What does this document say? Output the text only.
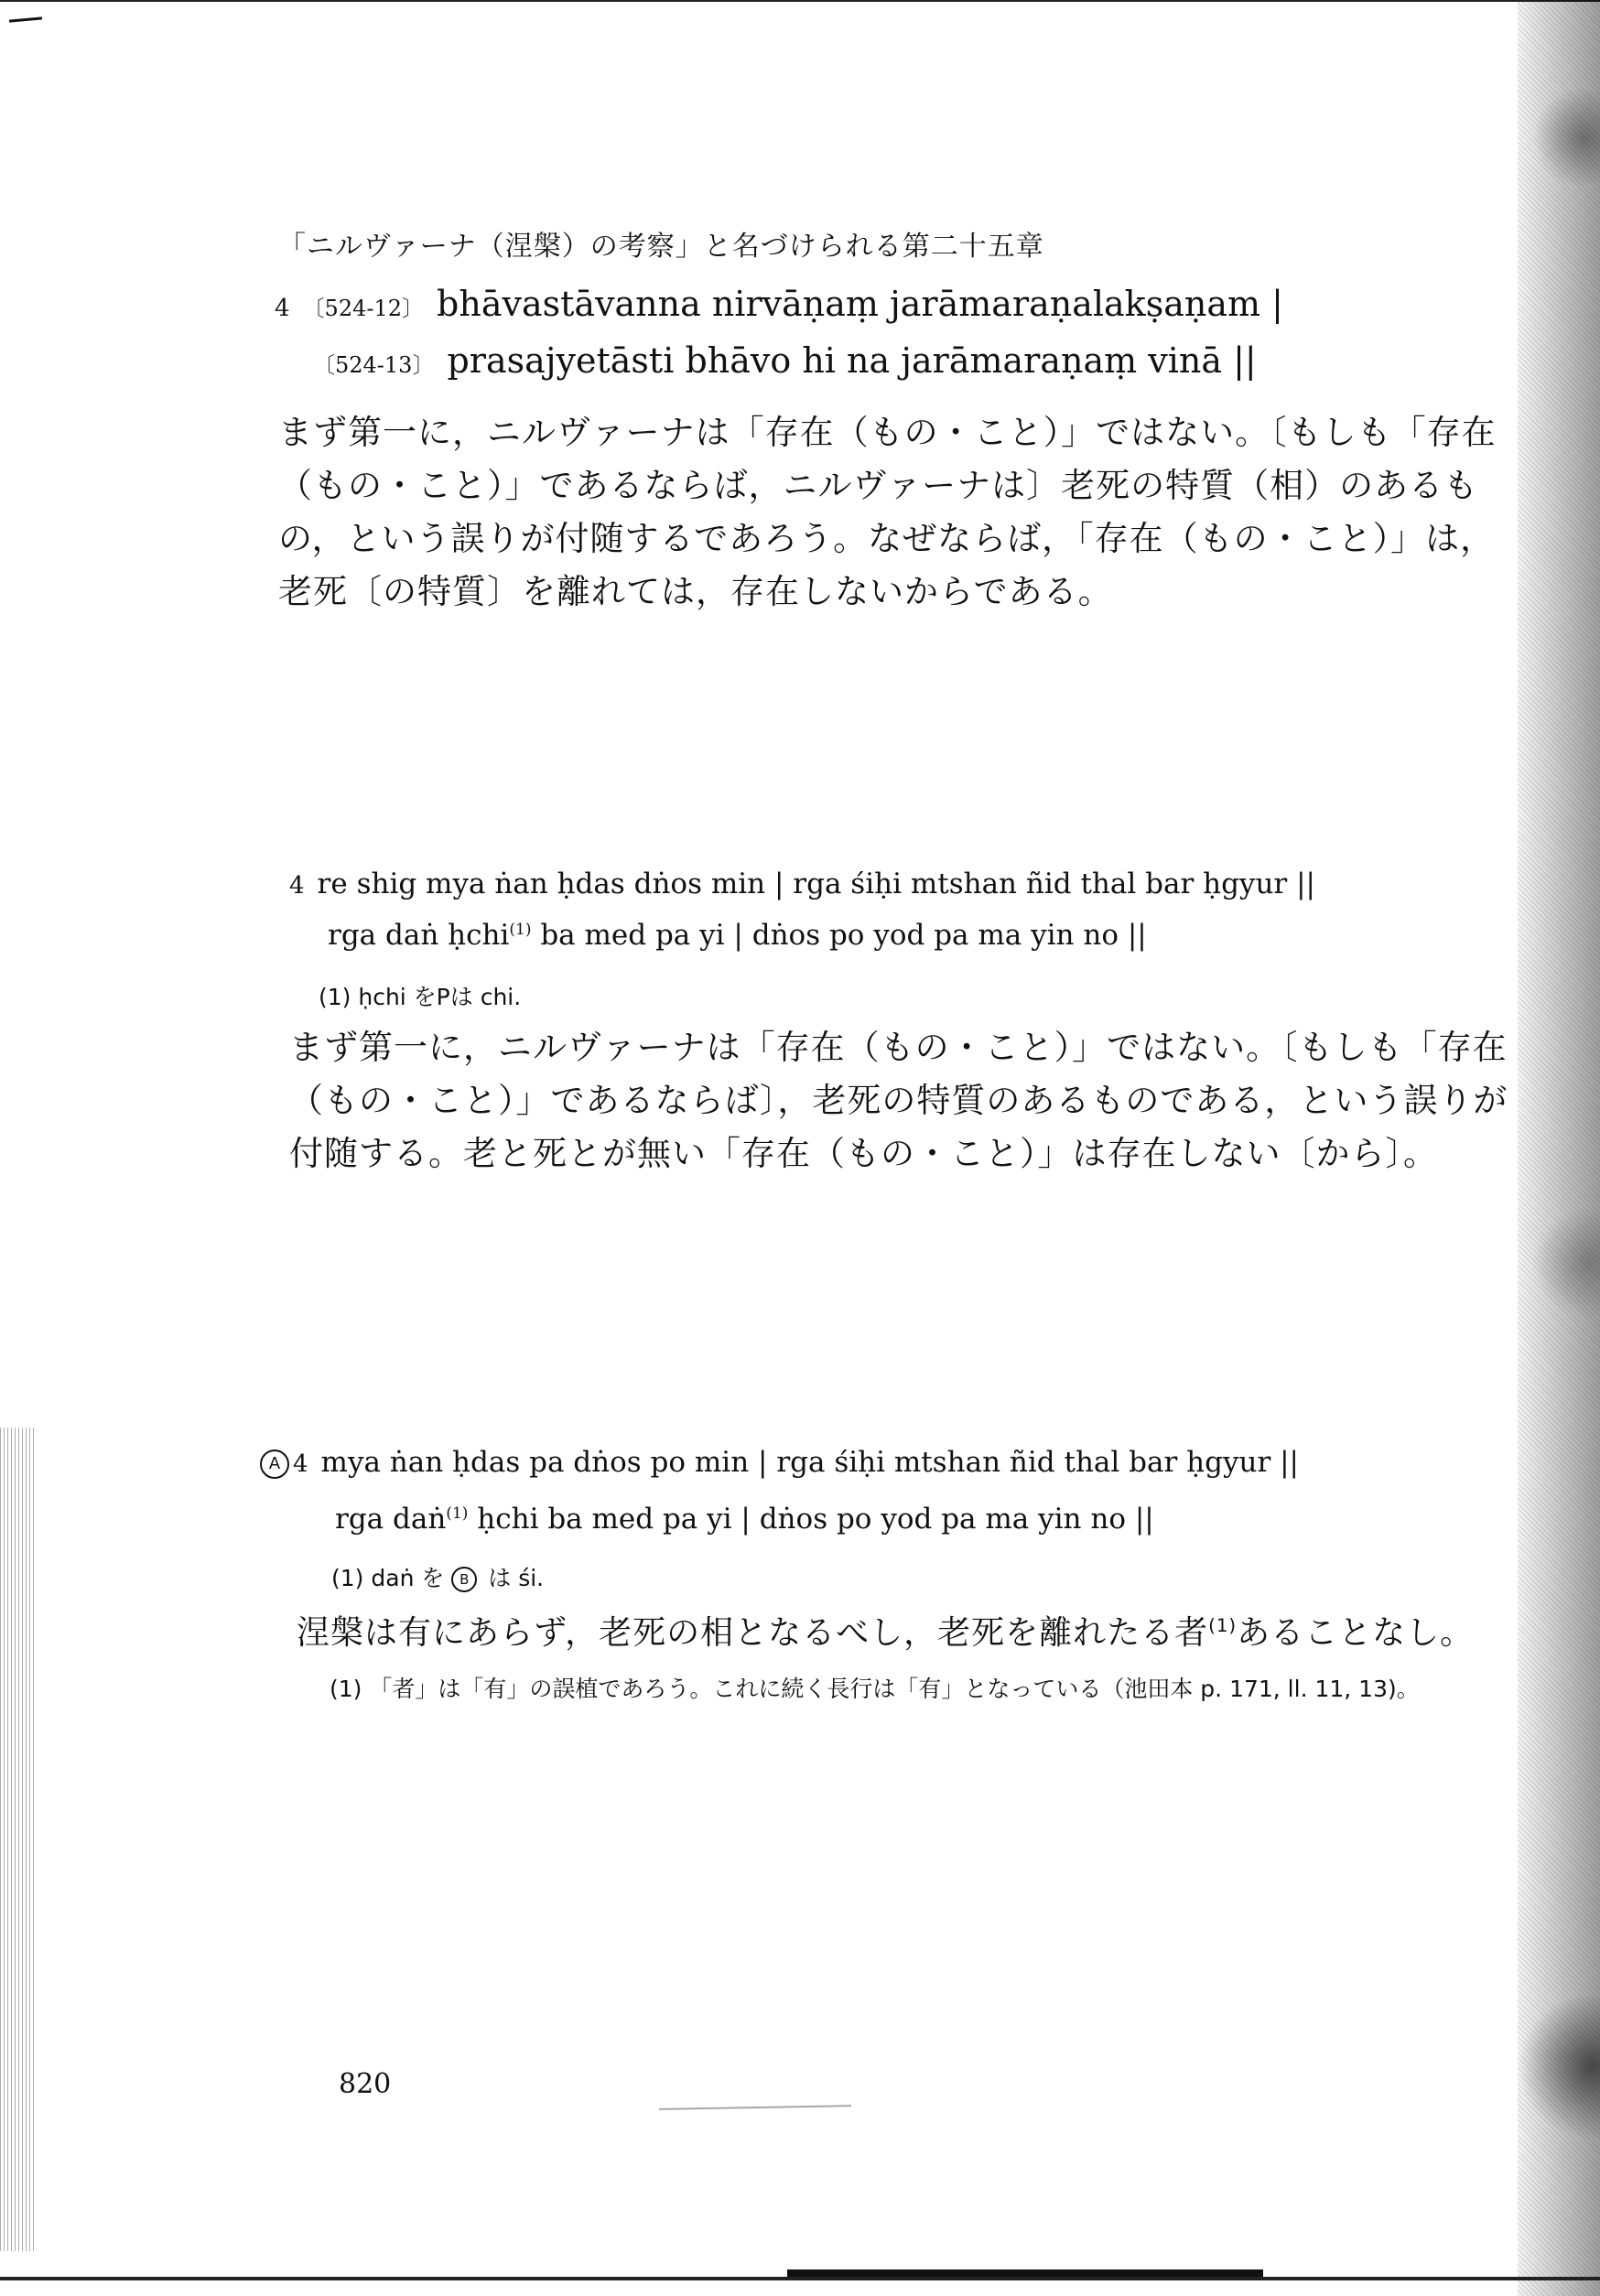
「ニルヴァーナ（涅槃）の考察」と名づけられる第二十五章
4 〔524-12〕 bhāvastāvanna nirvāṇaṃ jarāmaraṇalakṣaṇam |
〔524-13〕 prasajyetāsti bhāvo hi na jarāmaraṇaṃ vinā ||
まず第一に，ニルヴァーナは「存在（もの・こと）」ではない。〔もしも「存在（もの・こと）」であるならば，ニルヴァーナは〕老死の特質（相）のあるもの，という誤りが付随するであろう。なぜならば，「存在（もの・こと）」は，老死〔の特質〕を離れては，存在しないからである。
4 re shig mya ṅan ḥdas dṅos min | rga śiḥi mtshan ñid thal bar ḥgyur ||
rga daṅ ḥchi$^{(1)}$ ba med pa yi | dṅos po yod pa ma yin no ||
(1) ḥchi をPは chi.
まず第一に，ニルヴァーナは「存在（もの・こと）」ではない。〔もしも「存在（もの・こと）」であるならば〕，老死の特質のあるものである，という誤りが付随する。老と死とが無い「存在（もの・こと）」は存在しない〔から〕。
A 4 mya ṅan ḥdas pa dṅos po min | rga śiḥi mtshan ñid thal bar ḥgyur ||
rga daṅ$^{(1)}$ ḥchi ba med pa yi | dṅos po yod pa ma yin no ||
(1) daṅ を B は śi.
涅槃は有にあらず，老死の相となるべし，老死を離れたる者$^{(1)}$あることなし。
(1) 「者」は「有」の誤植であろう。これに続く長行は「有」となっている（池田本 p. 171, ll. 11, 13)。
820
